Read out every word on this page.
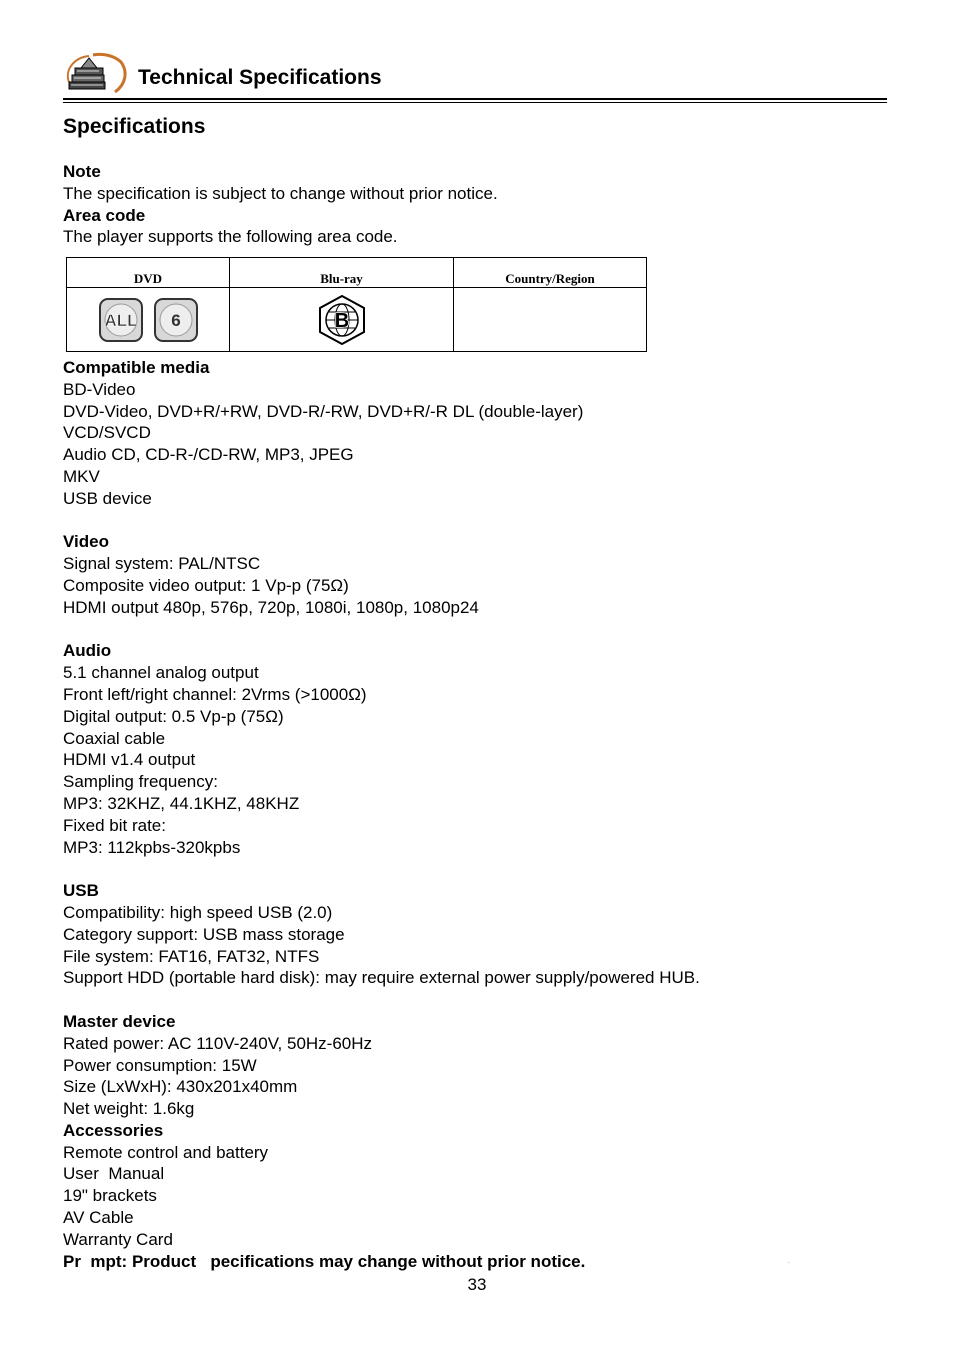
Technical Specifications
Specifications
Note
The specification is subject to change without prior notice.
Area code
The player supports the following area code.
DVD	Blu-ray	Country/Region

ALL 6	B	

Compatible media
BD-Video
DVD-Video, DVD+R/+RW, DVD-R/-RW, DVD+R/-R DL (double-layer)
VCD/SVCD
Audio CD, CD-R-/CD-RW, MP3, JPEG
MKV
USB device
Video
Signal system: PAL/NTSC
Composite video output: 1 Vp-p (75Ω)
HDMI output 480p, 576p, 720p, 1080i, 1080p, 1080p24
Audio
5.1 channel analog output
Front left/right channel: 2Vrms (>1000Ω)
Digital output: 0.5 Vp-p (75Ω)
Coaxial cable
HDMI v1.4 output
Sampling frequency:
MP3: 32KHZ, 44.1KHZ, 48KHZ
Fixed bit rate:
MP3: 112kpbs-320kpbs
USB
Compatibility: high speed USB (2.0)
Category support: USB mass storage
File system: FAT16, FAT32, NTFS
Support HDD (portable hard disk): may require external power supply/powered HUB.
Master device
Rated power: AC 110V-240V, 50Hz-60Hz
Power consumption: 15W
Size (LxWxH): 430x201x40mm
Net weight: 1.6kg
Accessories
Remote control and battery
User  Manual
19" brackets
AV Cable
Warranty Card
Pr  mpt: Product   pecifications may change without prior notice.	.
33
